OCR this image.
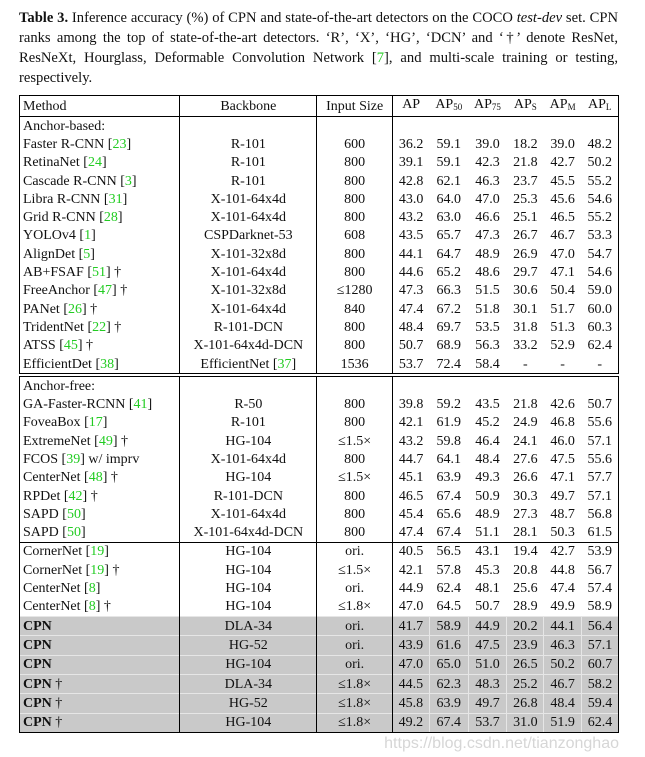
Table 3. Inference accuracy (%) of CPN and state-of-the-art detectors on the COCO test-dev set. CPN ranks among the top of state-of-the-art detectors. ‘R’, ‘X’, ‘HG’, ‘DCN’ and ‘†’ denote ResNet, ResNeXt, Hourglass, Deformable Convolution Network [7], and multi-scale training or testing, respectively.
Method	Backbone	Input Size	AP	$AP_{50}$	$AP_{75}$	$AP_S$	$AP_M$	$AP_L$
Anchor-based:								
Faster R-CNN [23]	R-101	600	36.2	59.1	39.0	18.2	39.0	48.2
RetinaNet [24]	R-101	800	39.1	59.1	42.3	21.8	42.7	50.2
Cascade R-CNN [3]	R-101	800	42.8	62.1	46.3	23.7	45.5	55.2
Libra R-CNN [31]	X-101-64x4d	800	43.0	64.0	47.0	25.3	45.6	54.6
Grid R-CNN [28]	X-101-64x4d	800	43.2	63.0	46.6	25.1	46.5	55.2
YOLOv4 [1]	CSPDarknet-53	608	43.5	65.7	47.3	26.7	46.7	53.3
AlignDet [5]	X-101-32x8d	800	44.1	64.7	48.9	26.9	47.0	54.7
AB+FSAF [51] †	X-101-64x4d	800	44.6	65.2	48.6	29.7	47.1	54.6
FreeAnchor [47] †	X-101-32x8d	≤1280	47.3	66.3	51.5	30.6	50.4	59.0
PANet [26] †	X-101-64x4d	840	47.4	67.2	51.8	30.1	51.7	60.0
TridentNet [22] †	R-101-DCN	800	48.4	69.7	53.5	31.8	51.3	60.3
ATSS [45] †	X-101-64x4d-DCN	800	50.7	68.9	56.3	33.2	52.9	62.4
EfficientDet [38]	EfficientNet [37]	1536	53.7	72.4	58.4	-	-	-
Anchor-free:								
GA-Faster-RCNN [41]	R-50	800	39.8	59.2	43.5	21.8	42.6	50.7
FoveaBox [17]	R-101	800	42.1	61.9	45.2	24.9	46.8	55.6
ExtremeNet [49] †	HG-104	≤1.5×	43.2	59.8	46.4	24.1	46.0	57.1
FCOS [39] w/ imprv	X-101-64x4d	800	44.7	64.1	48.4	27.6	47.5	55.6
CenterNet [48] †	HG-104	≤1.5×	45.1	63.9	49.3	26.6	47.1	57.7
RPDet [42] †	R-101-DCN	800	46.5	67.4	50.9	30.3	49.7	57.1
SAPD [50]	X-101-64x4d	800	45.4	65.6	48.9	27.3	48.7	56.8
SAPD [50]	X-101-64x4d-DCN	800	47.4	67.4	51.1	28.1	50.3	61.5
CornerNet [19]	HG-104	ori.	40.5	56.5	43.1	19.4	42.7	53.9
CornerNet [19] †	HG-104	≤1.5×	42.1	57.8	45.3	20.8	44.8	56.7
CenterNet [8]	HG-104	ori.	44.9	62.4	48.1	25.6	47.4	57.4
CenterNet [8] †	HG-104	≤1.8×	47.0	64.5	50.7	28.9	49.9	58.9
CPN	DLA-34	ori.	41.7	58.9	44.9	20.2	44.1	56.4
CPN	HG-52	ori.	43.9	61.6	47.5	23.9	46.3	57.1
CPN	HG-104	ori.	47.0	65.0	51.0	26.5	50.2	60.7
CPN †	DLA-34	≤1.8×	44.5	62.3	48.3	25.2	46.7	58.2
CPN †	HG-52	≤1.8×	45.8	63.9	49.7	26.8	48.4	59.4
CPN †	HG-104	≤1.8×	49.2	67.4	53.7	31.0	51.9	62.4
https://blog.csdn.net/tianzonghao
